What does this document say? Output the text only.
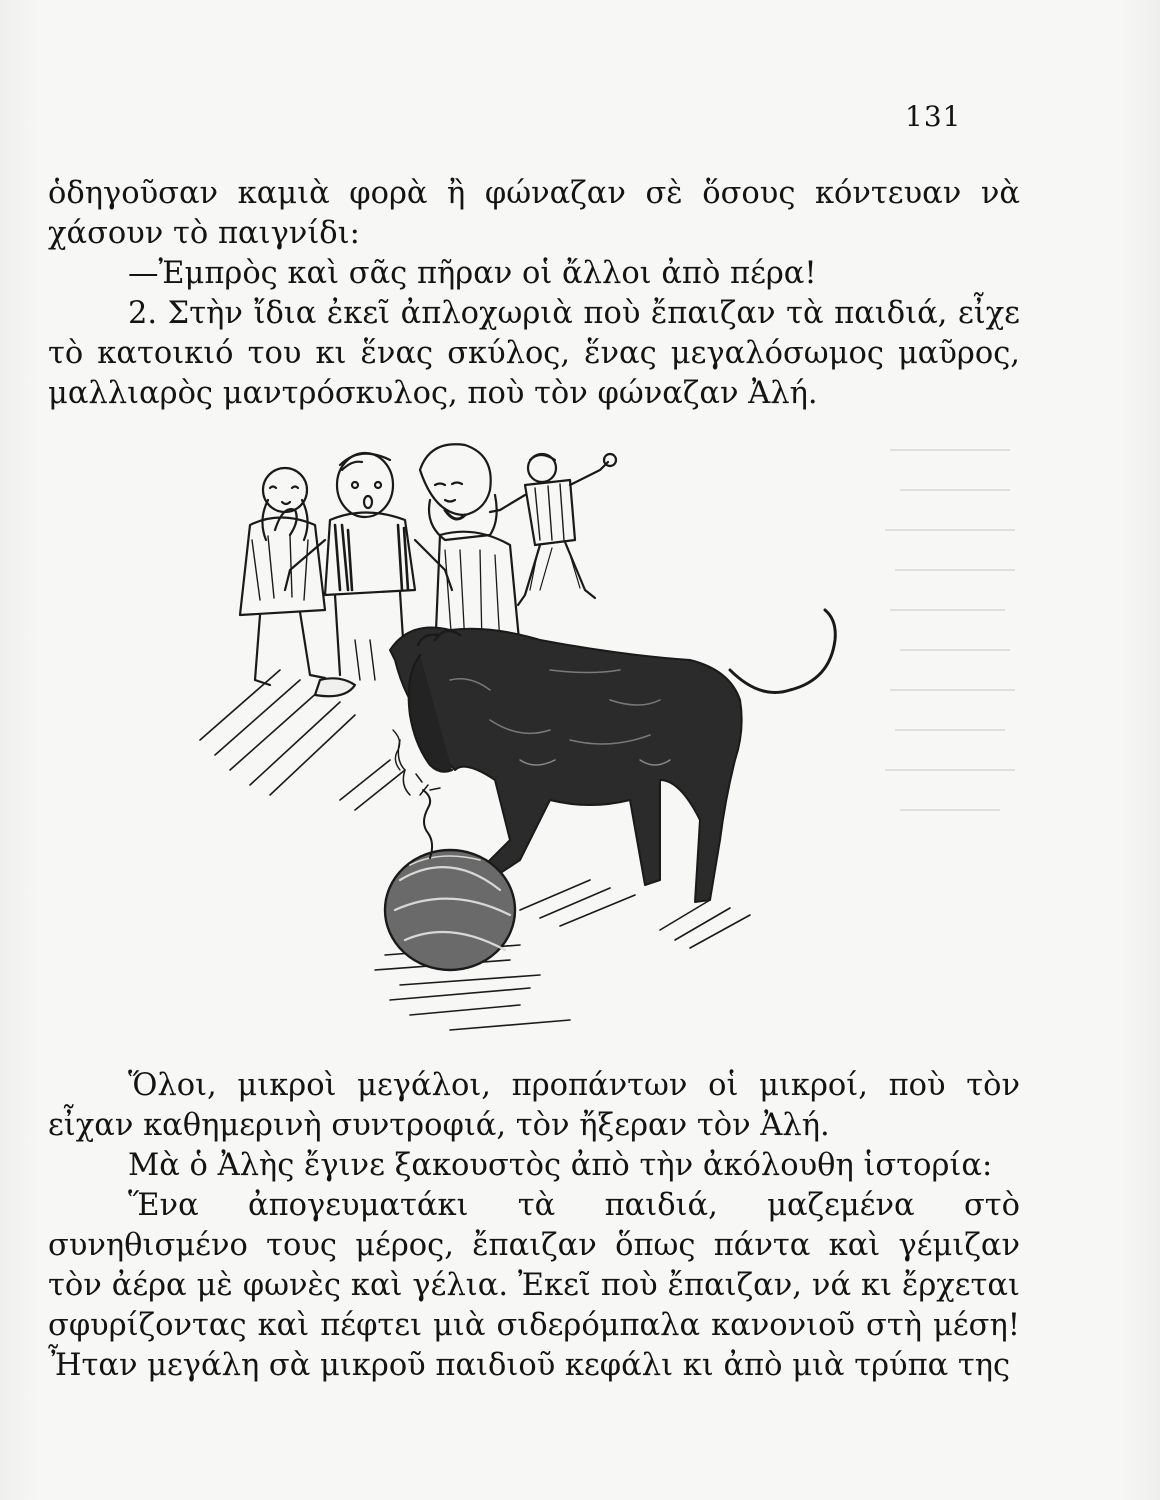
131

ὁδηγοῦσαν καμιὰ φορὰ ἢ φώναζαν σὲ ὅσους κόντευαν νὰ χάσουν τὸ παιγνίδι:

—Ἐμπρὸς καὶ σᾶς πῆραν οἱ ἄλλοι ἀπὸ πέρα!

2. Στὴν ἴδια ἐκεῖ ἀπλοχωριὰ ποὺ ἔπαιζαν τὰ παιδιά, εἶχε τὸ κατοικιό του κι ἕνας σκύλος, ἕνας μεγαλόσωμος μαῦρος, μαλλιαρὸς μαντρόσκυλος, ποὺ τὸν φώναζαν Ἀλή.

Ὅλοι, μικροὶ μεγάλοι, προπάντων οἱ μικροί, ποὺ τὸν εἶχαν καθημερινὴ συντροφιά, τὸν ἤξεραν τὸν Ἀλή.

Μὰ ὁ Ἀλὴς ἔγινε ξακουστὸς ἀπὸ τὴν ἀκόλουθη ἱστορία:

Ἕνα ἀπογευματάκι τὰ παιδιά, μαζεμένα στὸ συνηθισμένο τους μέρος, ἔπαιζαν ὅπως πάντα καὶ γέμιζαν τὸν ἀέρα μὲ φωνὲς καὶ γέλια. Ἐκεῖ ποὺ ἔπαιζαν, νά κι ἔρχεται σφυρίζοντας καὶ πέφτει μιὰ σιδερόμπαλα κανονιοῦ στὴ μέση! Ἦταν μεγάλη σὰ μικροῦ παιδιοῦ κεφάλι κι ἀπὸ μιὰ τρύπα της
